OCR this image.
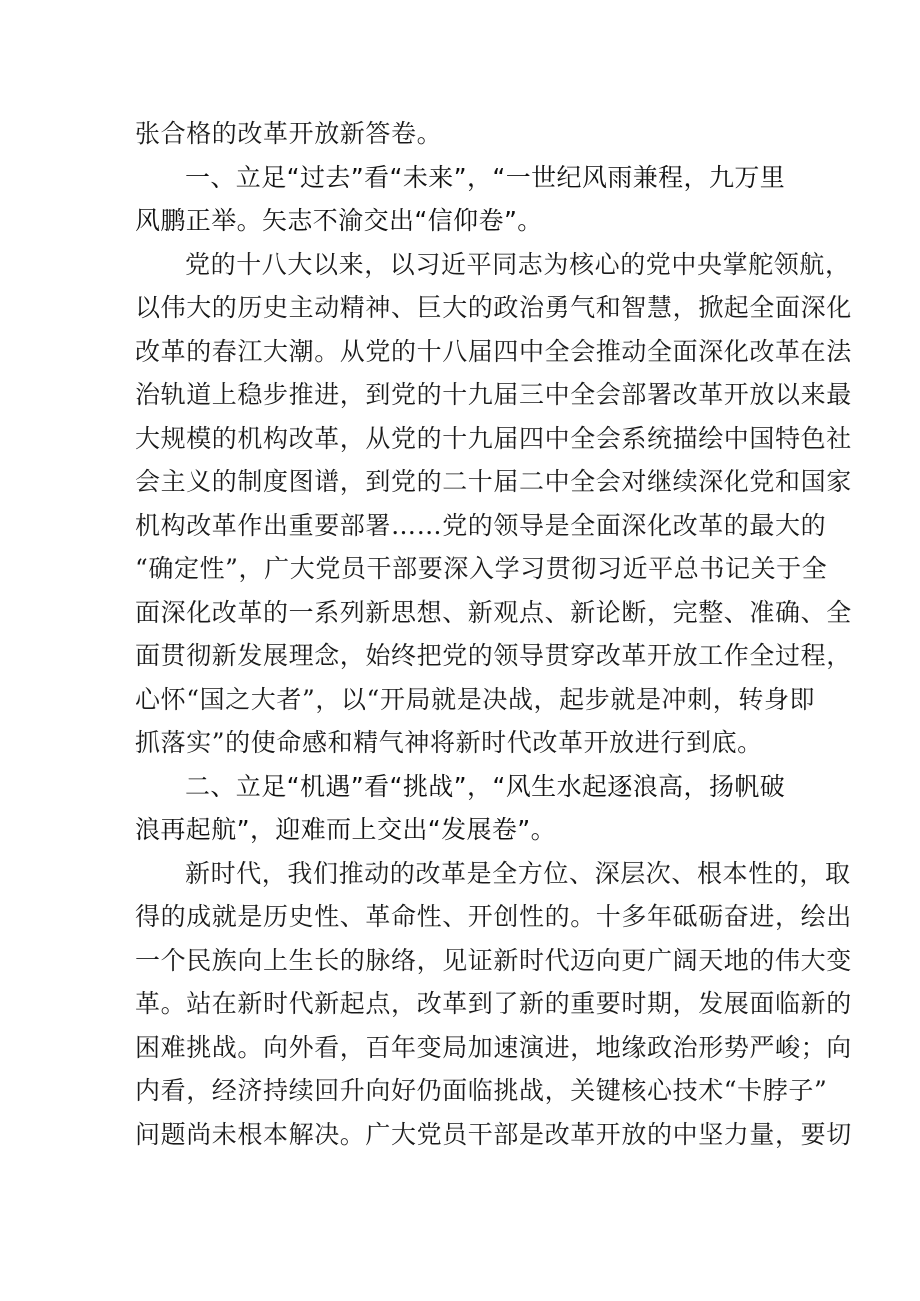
张合格的改革开放新答卷。
一、立足“过去”看“未来”，“一世纪风雨兼程，九万里
风鹏正举。矢志不渝交出“信仰卷”。
党的十八大以来，以习近平同志为核心的党中央掌舵领航，
以伟大的历史主动精神、巨大的政治勇气和智慧，掀起全面深化
改革的春江大潮。从党的十八届四中全会推动全面深化改革在法
治轨道上稳步推进，到党的十九届三中全会部署改革开放以来最
大规模的机构改革，从党的十九届四中全会系统描绘中国特色社
会主义的制度图谱，到党的二十届二中全会对继续深化党和国家
机构改革作出重要部署……党的领导是全面深化改革的最大的
“确定性”，广大党员干部要深入学习贯彻习近平总书记关于全
面深化改革的一系列新思想、新观点、新论断，完整、准确、全
面贯彻新发展理念，始终把党的领导贯穿改革开放工作全过程，
心怀“国之大者”，以“开局就是决战，起步就是冲刺，转身即
抓落实”的使命感和精气神将新时代改革开放进行到底。
二、立足“机遇”看“挑战”，“风生水起逐浪高，扬帆破
浪再起航”，迎难而上交出“发展卷”。
新时代，我们推动的改革是全方位、深层次、根本性的，取
得的成就是历史性、革命性、开创性的。十多年砥砺奋进，绘出
一个民族向上生长的脉络，见证新时代迈向更广阔天地的伟大变
革。站在新时代新起点，改革到了新的重要时期，发展面临新的
困难挑战。向外看，百年变局加速演进，地缘政治形势严峻；向
内看，经济持续回升向好仍面临挑战，关键核心技术“卡脖子”
问题尚未根本解决。广大党员干部是改革开放的中坚力量，要切
